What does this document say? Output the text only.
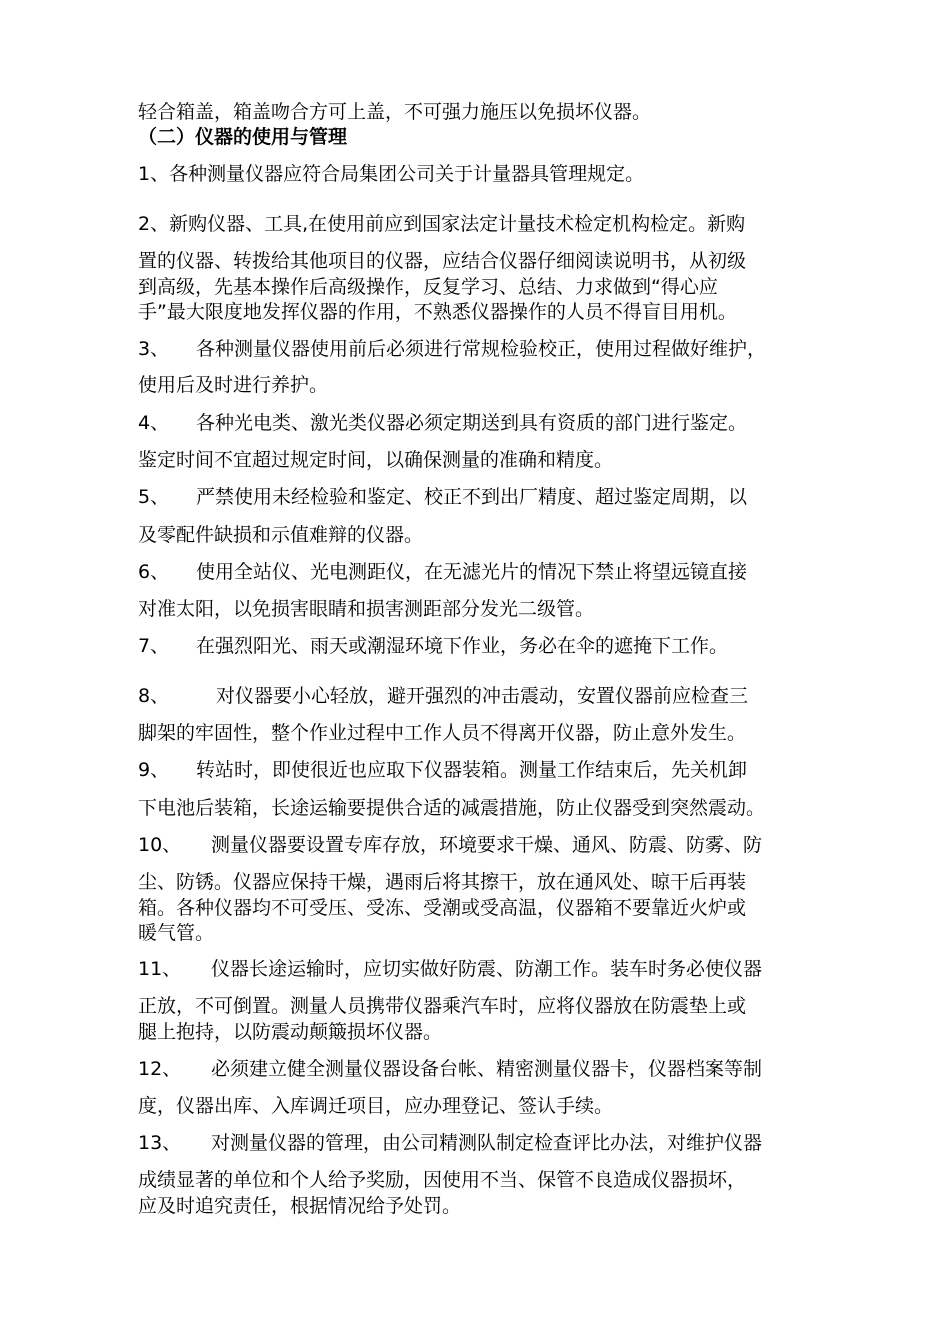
轻合箱盖，箱盖吻合方可上盖，不可强力施压以免损坏仪器。

（二）仪器的使用与管理

1、各种测量仪器应符合局集团公司关于计量器具管理规定。

2、新购仪器、工具,在使用前应到国家法定计量技术检定机构检定。新购

置的仪器、转拨给其他项目的仪器，应结合仪器仔细阅读说明书，从初级

到高级，先基本操作后高级操作，反复学习、总结、力求做到“得心应

手”最大限度地发挥仪器的作用，不熟悉仪器操作的人员不得盲目用机。

3、 各种测量仪器使用前后必须进行常规检验校正，使用过程做好维护，

使用后及时进行养护。

4、 各种光电类、激光类仪器必须定期送到具有资质的部门进行鉴定。

鉴定时间不宜超过规定时间，以确保测量的准确和精度。

5、 严禁使用未经检验和鉴定、校正不到出厂精度、超过鉴定周期，以

及零配件缺损和示值难辩的仪器。

6、 使用全站仪、光电测距仪，在无滤光片的情况下禁止将望远镜直接

对准太阳，以免损害眼睛和损害测距部分发光二级管。

7、 在强烈阳光、雨天或潮湿环境下作业，务必在伞的遮掩下工作。

8、 对仪器要小心轻放，避开强烈的冲击震动，安置仪器前应检查三

脚架的牢固性，整个作业过程中工作人员不得离开仪器，防止意外发生。

9、 转站时，即使很近也应取下仪器装箱。测量工作结束后，先关机卸

下电池后装箱，长途运输要提供合适的减震措施，防止仪器受到突然震动。

10、 测量仪器要设置专库存放，环境要求干燥、通风、防震、防雾、防

尘、防锈。仪器应保持干燥，遇雨后将其擦干，放在通风处、晾干后再装

箱。各种仪器均不可受压、受冻、受潮或受高温，仪器箱不要靠近火炉或

暖气管。

11、 仪器长途运输时，应切实做好防震、防潮工作。装车时务必使仪器

正放，不可倒置。测量人员携带仪器乘汽车时，应将仪器放在防震垫上或

腿上抱持，以防震动颠簸损坏仪器。

12、 必须建立健全测量仪器设备台帐、精密测量仪器卡，仪器档案等制

度，仪器出库、入库调迁项目，应办理登记、签认手续。

13、 对测量仪器的管理，由公司精测队制定检查评比办法，对维护仪器

成绩显著的单位和个人给予奖励，因使用不当、保管不良造成仪器损坏，

应及时追究责任，根据情况给予处罚。
